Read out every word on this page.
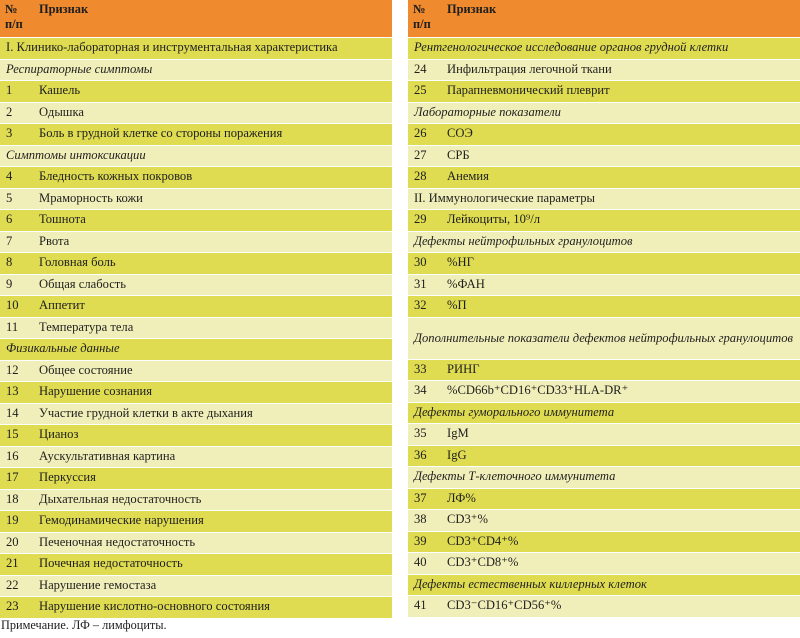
№
п/п	Признак
I. Клинико-лабораторная и инструментальная характеристика	
Респираторные симптомы	
1	Кашель
2	Одышка
3	Боль в грудной клетке со стороны поражения
Симптомы интоксикации	
4	Бледность кожных покровов
5	Мраморность кожи
6	Тошнота
7	Рвота
8	Головная боль
9	Общая слабость
10	Аппетит
11	Температура тела
Физикальные данные	
12	Общее состояние
13	Нарушение сознания
14	Участие грудной клетки в акте дыхания
15	Цианоз
16	Аускультативная картина
17	Перкуссия
18	Дыхательная недостаточность
19	Гемодинамические нарушения
20	Печеночная недостаточность
21	Почечная недостаточность
22	Нарушение гемостаза
23	Нарушение кислотно-основного состояния
№
п/п	Признак
Рентгенологическое исследование органов грудной клетки	
24	Инфильтрация легочной ткани
25	Парапневмонический плеврит
Лабораторные показатели	
26	СОЭ
27	СРБ
28	Анемия
II. Иммунологические параметры	
29	Лейкоциты, 10⁹/л
Дефекты нейтрофильных гранулоцитов	
30	%НГ
31	%ФАН
32	%П
Дополнительные показатели дефектов нейтрофильных гранулоцитов	
33	РИНГ
34	%CD66b⁺CD16⁺CD33⁺HLA-DR⁺
Дефекты гуморального иммунитета	
35	IgM
36	IgG
Дефекты Т-клеточного иммунитета	
37	ЛФ%
38	CD3⁺%
39	CD3⁺CD4⁺%
40	CD3⁺CD8⁺%
Дефекты естественных киллерных клеток	
41	CD3⁻CD16⁺CD56⁺%
Примечание. ЛФ – лимфоциты.
